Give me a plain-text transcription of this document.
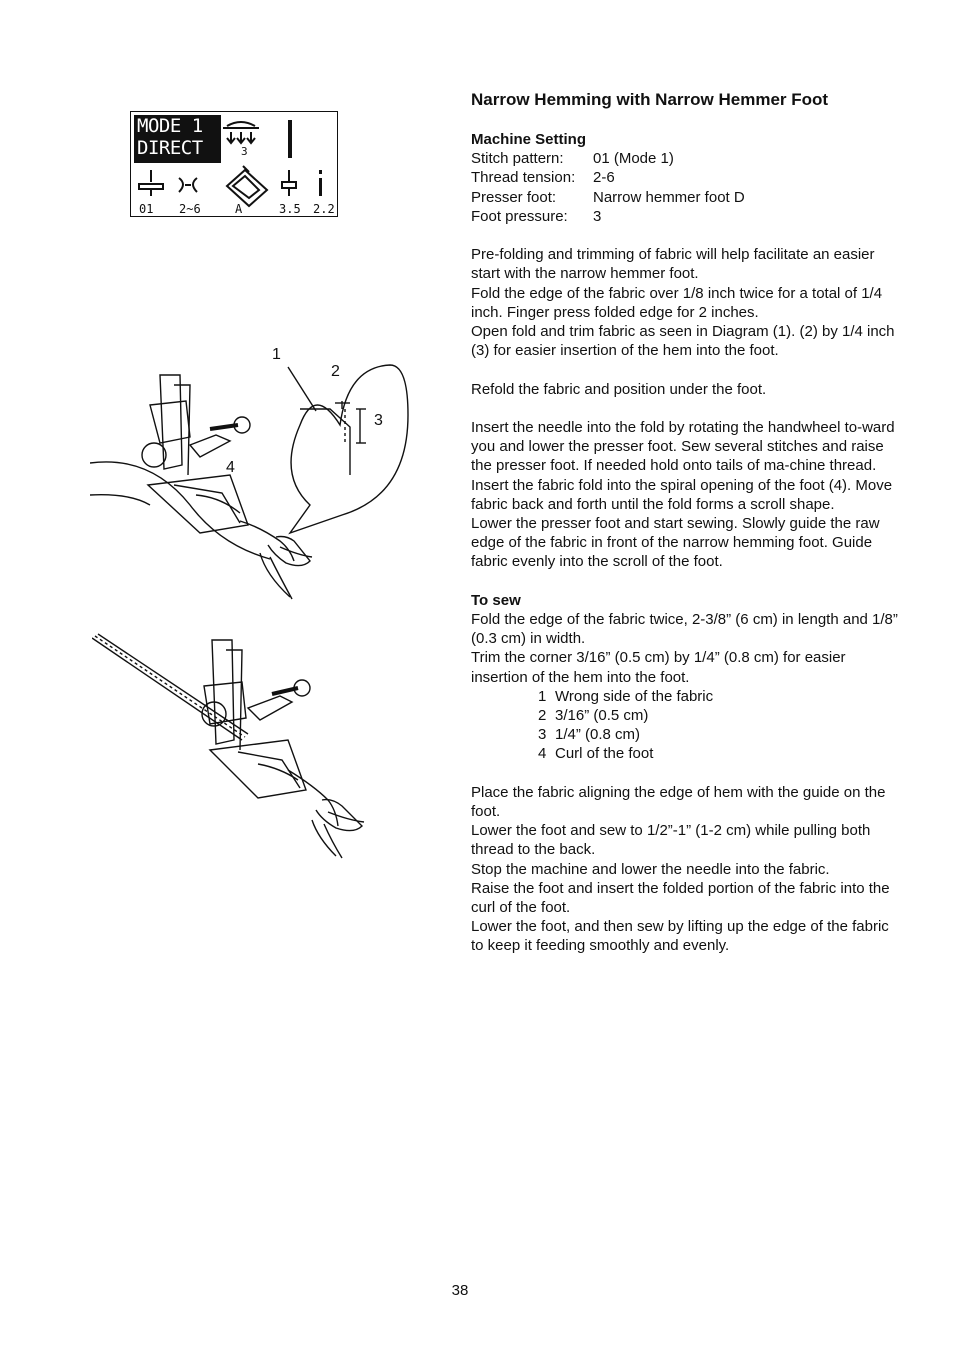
MODE 1
DIRECT	3
01 2~6	A	3.5 2.2
1
2
3
4
Narrow Hemming with Narrow Hemmer Foot
Machine Setting
Stitch pattern:	01 (Mode 1)
Thread tension:	2-6
Presser foot:	Narrow hemmer foot D
Foot pressure:	3

Pre-folding and trimming of fabric will help facilitate an easier start with the narrow hemmer foot.

Fold the edge of the fabric over 1/8 inch twice for a total of 1/4 inch. Finger press folded edge for 2 inches.

Open fold and trim fabric as seen in Diagram (1). (2) by 1/4 inch (3) for easier insertion of the hem into the foot.

Refold the fabric and position under the foot.

Insert the needle into the fold by rotating the handwheel to-ward you and lower the presser foot. Sew several stitches and raise the presser foot. If needed hold onto tails of ma-chine thread. Insert the fabric fold into the spiral opening of the foot (4). Move fabric back and forth until the fold forms a scroll shape.

Lower the presser foot and start sewing. Slowly guide the raw edge of the fabric in front of the narrow hemming foot. Guide fabric evenly into the scroll of the foot.

To sew

Fold the edge of the fabric twice, 2-3/8” (6 cm) in length and 1/8” (0.3 cm) in width.

Trim the corner 3/16” (0.5 cm) by 1/4” (0.8 cm) for easier insertion of the hem into the foot.

1 Wrong side of the fabric
2 3/16” (0.5 cm)
3 1/4” (0.8 cm)
4 Curl of the foot

Place the fabric aligning the edge of hem with the guide on the foot.

Lower the foot and sew to 1/2”-1” (1-2 cm) while pulling both thread to the back.

Stop the machine and lower the needle into the fabric.

Raise the foot and insert the folded portion of the fabric into the curl of the foot.

Lower the foot, and then sew by lifting up the edge of the fabric to keep it feeding smoothly and evenly.

38
